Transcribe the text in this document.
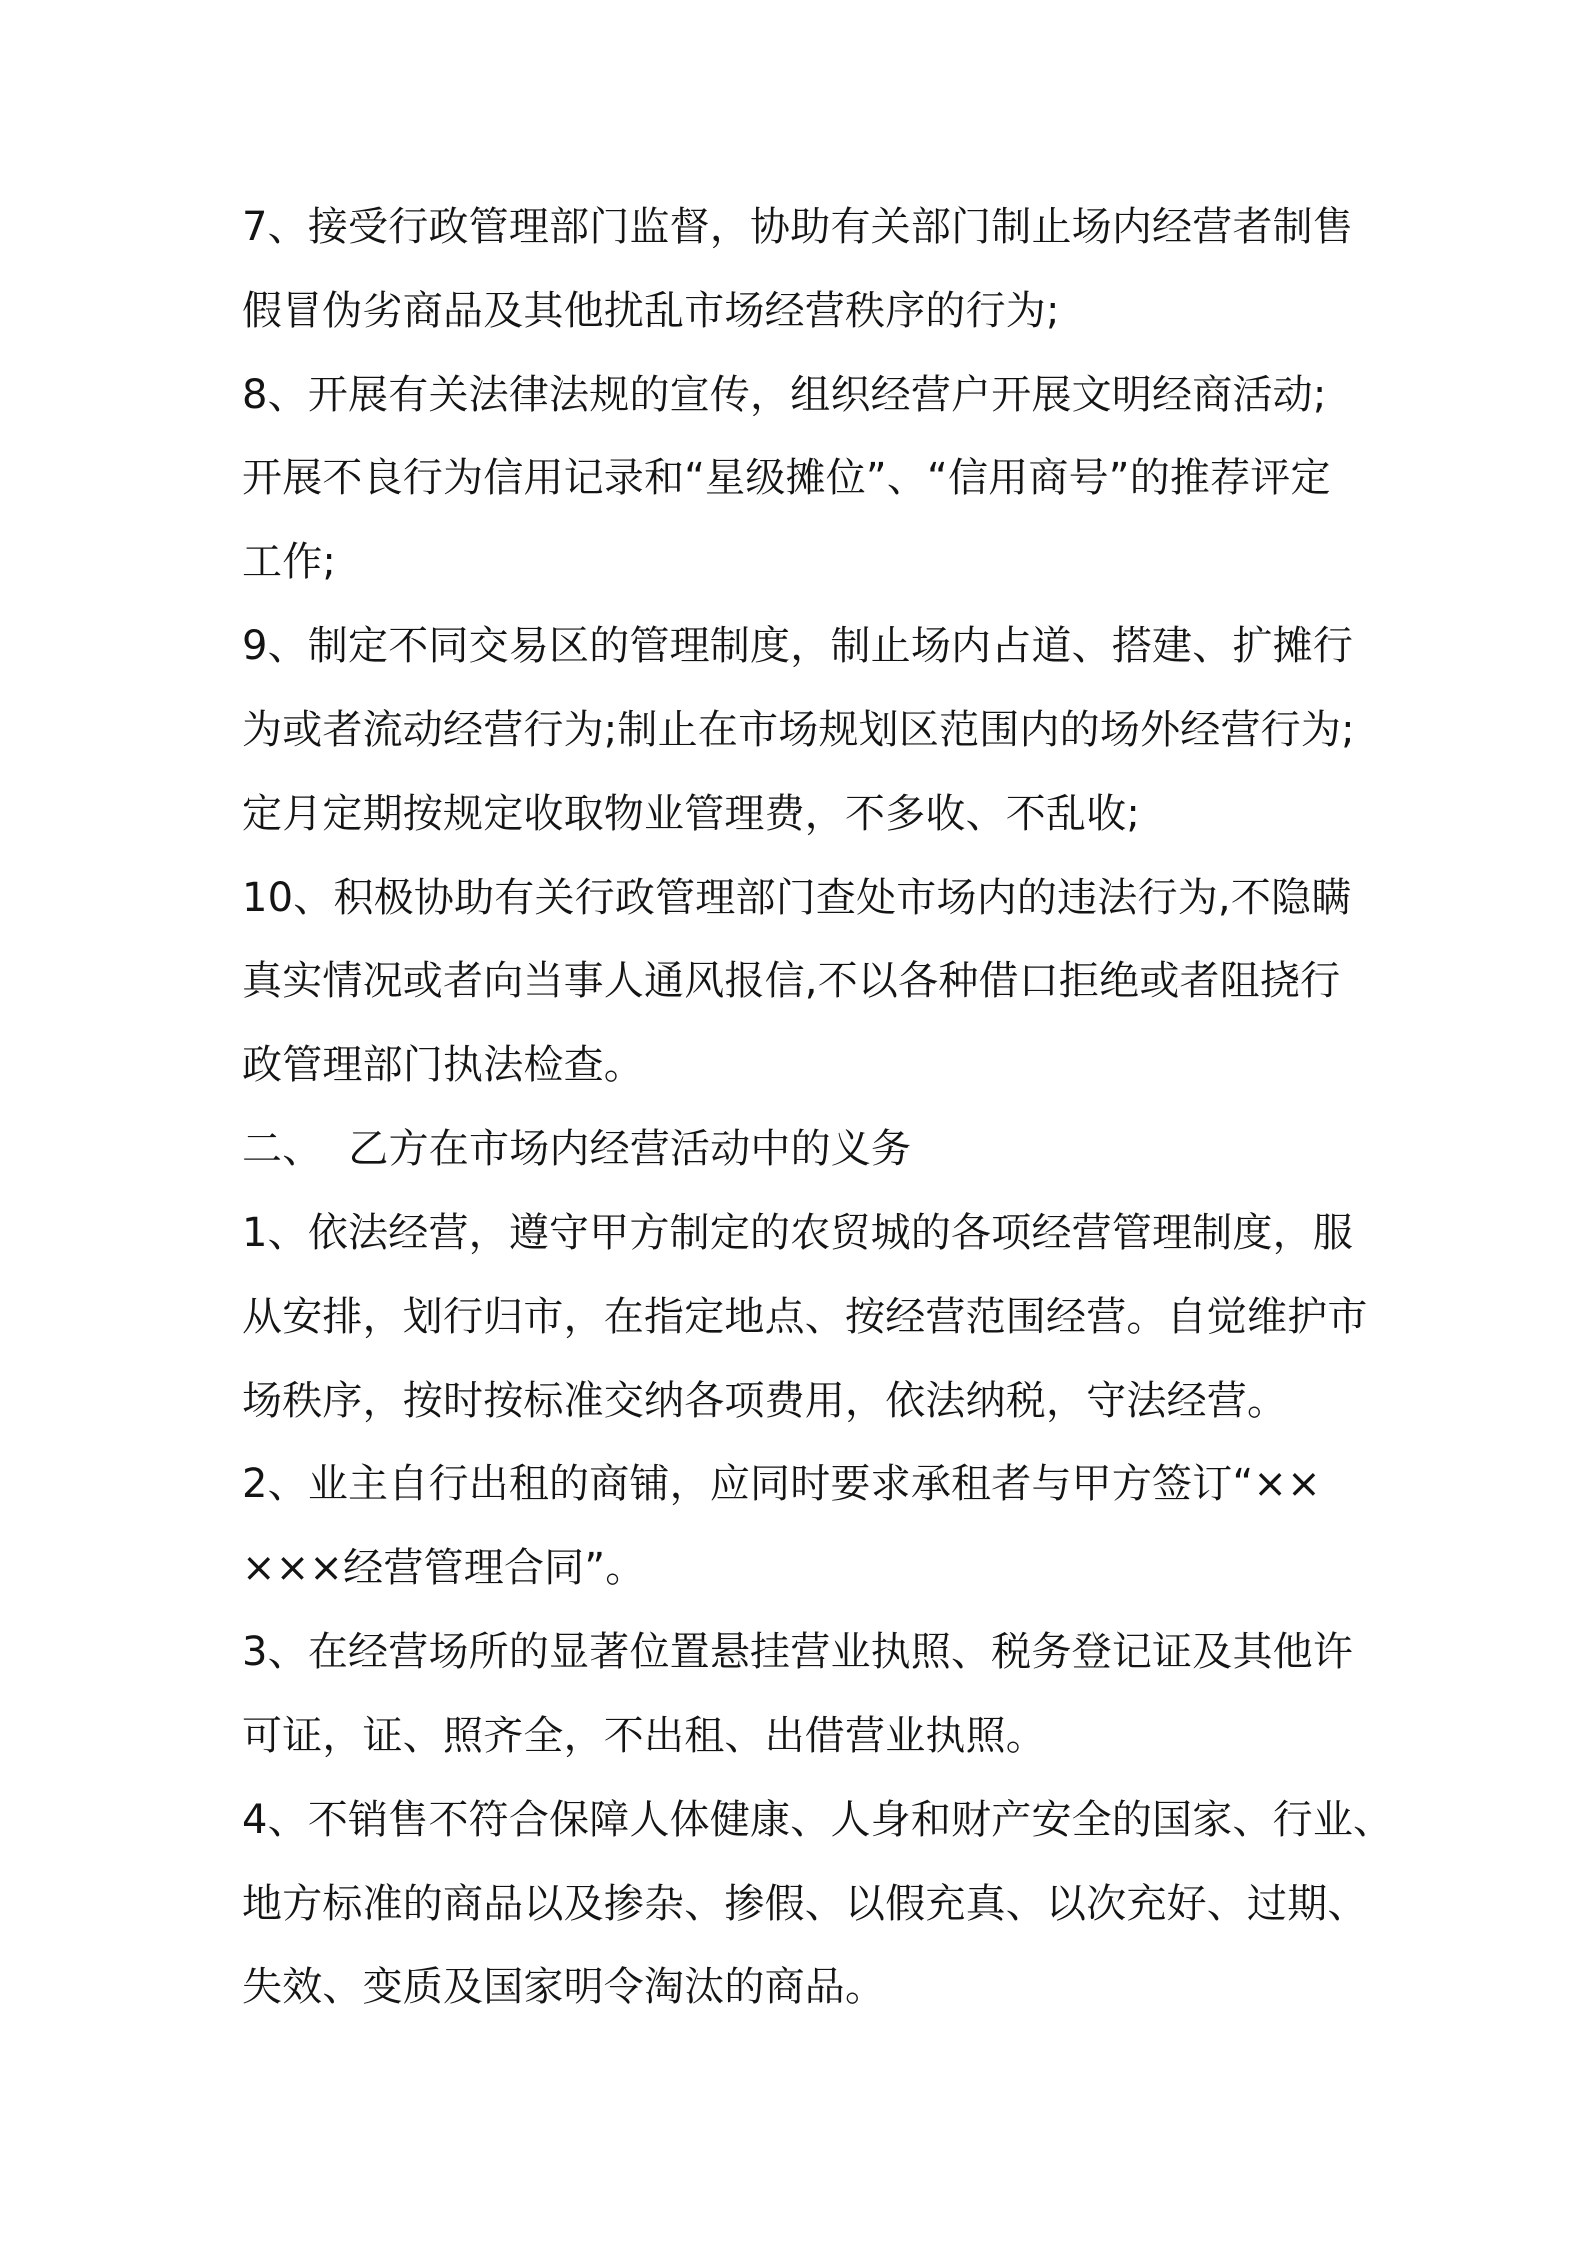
7、接受行政管理部门监督，协助有关部门制止场内经营者制售
假冒伪劣商品及其他扰乱市场经营秩序的行为;
8、开展有关法律法规的宣传，组织经营户开展文明经商活动;
开展不良行为信用记录和“星级摊位”、“信用商号”的推荐评定
工作;
9、制定不同交易区的管理制度，制止场内占道、搭建、扩摊行
为或者流动经营行为;制止在市场规划区范围内的场外经营行为;
定月定期按规定收取物业管理费，不多收、不乱收;
10、积极协助有关行政管理部门查处市场内的违法行为,不隐瞒
真实情况或者向当事人通风报信,不以各种借口拒绝或者阻挠行
政管理部门执法检查。
二、 乙方在市场内经营活动中的义务
1、依法经营，遵守甲方制定的农贸城的各项经营管理制度，服
从安排，划行归市，在指定地点、按经营范围经营。自觉维护市
场秩序，按时按标准交纳各项费用，依法纳税，守法经营。
2、业主自行出租的商铺，应同时要求承租者与甲方签订“××
×××经营管理合同”。
3、在经营场所的显著位置悬挂营业执照、税务登记证及其他许
可证，证、照齐全，不出租、出借营业执照。
4、不销售不符合保障人体健康、人身和财产安全的国家、行业、
地方标准的商品以及掺杂、掺假、以假充真、以次充好、过期、
失效、变质及国家明令淘汰的商品。
